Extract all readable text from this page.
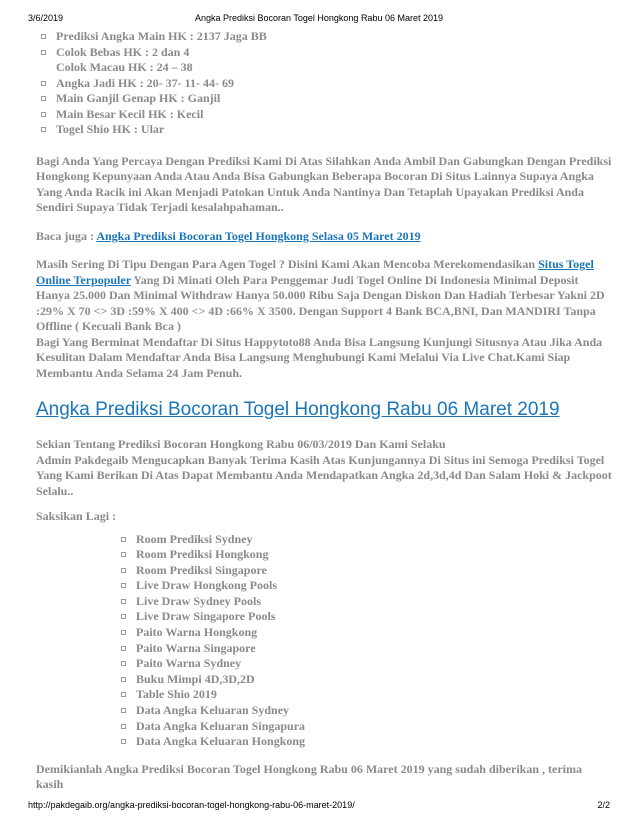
3/6/2019	Angka Prediksi Bocoran Togel Hongkong Rabu 06 Maret 2019
Prediksi Angka Main HK : 2137 Jaga BB
Colok Bebas HK : 2 dan 4
Colok Macau HK : 24 – 38
Angka Jadi HK : 20- 37- 11- 44- 69
Main Ganjil Genap HK : Ganjil
Main Besar Kecil HK : Kecil
Togel Shio HK : Ular

Bagi Anda Yang Percaya Dengan Prediksi Kami Di Atas Silahkan Anda Ambil Dan Gabungkan Dengan Prediksi Hongkong Kepunyaan Anda Atau Anda Bisa Gabungkan Beberapa Bocoran Di Situs Lainnya Supaya Angka Yang Anda Racik ini Akan Menjadi Patokan Untuk Anda Nantinya Dan Tetaplah Upayakan Prediksi Anda Sendiri Supaya Tidak Terjadi kesalahpahaman..

Baca juga : Angka Prediksi Bocoran Togel Hongkong Selasa 05 Maret 2019

Masih Sering Di Tipu Dengan Para Agen Togel ? Disini Kami Akan Mencoba Merekomendasikan Situs Togel Online Terpopuler Yang Di Minati Oleh Para Penggemar Judi Togel Online Di Indonesia Minimal Deposit Hanya 25.000 Dan Minimal Withdraw Hanya 50.000 Ribu Saja Dengan Diskon Dan Hadiah Terbesar Yakni 2D :29% X 70 <> 3D :59% X 400 <> 4D :66% X 3500. Dengan Support 4 Bank BCA,BNI, Dan MANDIRI Tanpa Offline ( Kecuali Bank Bca )

Bagi Yang Berminat Mendaftar Di Situs Happytoto88 Anda Bisa Langsung Kunjungi Situsnya Atau Jika Anda Kesulitan Dalam Mendaftar Anda Bisa Langsung Menghubungi Kami Melalui Via Live Chat.Kami Siap Membantu Anda Selama 24 Jam Penuh.

Angka Prediksi Bocoran Togel Hongkong Rabu 06 Maret 2019

Sekian Tentang Prediksi Bocoran Hongkong Rabu 06/03/2019 Dan Kami Selaku
Admin Pakdegaib Mengucapkan Banyak Terima Kasih Atas Kunjungannya Di Situs ini Semoga Prediksi Togel Yang Kami Berikan Di Atas Dapat Membantu Anda Mendapatkan Angka 2d,3d,4d Dan Salam Hoki & Jackpoot Selalu..

Saksikan Lagi :

Room Prediksi Sydney
Room Prediksi Hongkong
Room Prediksi Singapore
Live Draw Hongkong Pools
Live Draw Sydney Pools
Live Draw Singapore Pools
Paito Warna Hongkong
Paito Warna Singapore
Paito Warna Sydney
Buku Mimpi 4D,3D,2D
Table Shio 2019
Data Angka Keluaran Sydney
Data Angka Keluaran Singapura
Data Angka Keluaran Hongkong

Demikianlah Angka Prediksi Bocoran Togel Hongkong Rabu 06 Maret 2019 yang sudah diberikan , terima kasih

http://pakdegaib.org/angka-prediksi-bocoran-togel-hongkong-rabu-06-maret-2019/	2/2
